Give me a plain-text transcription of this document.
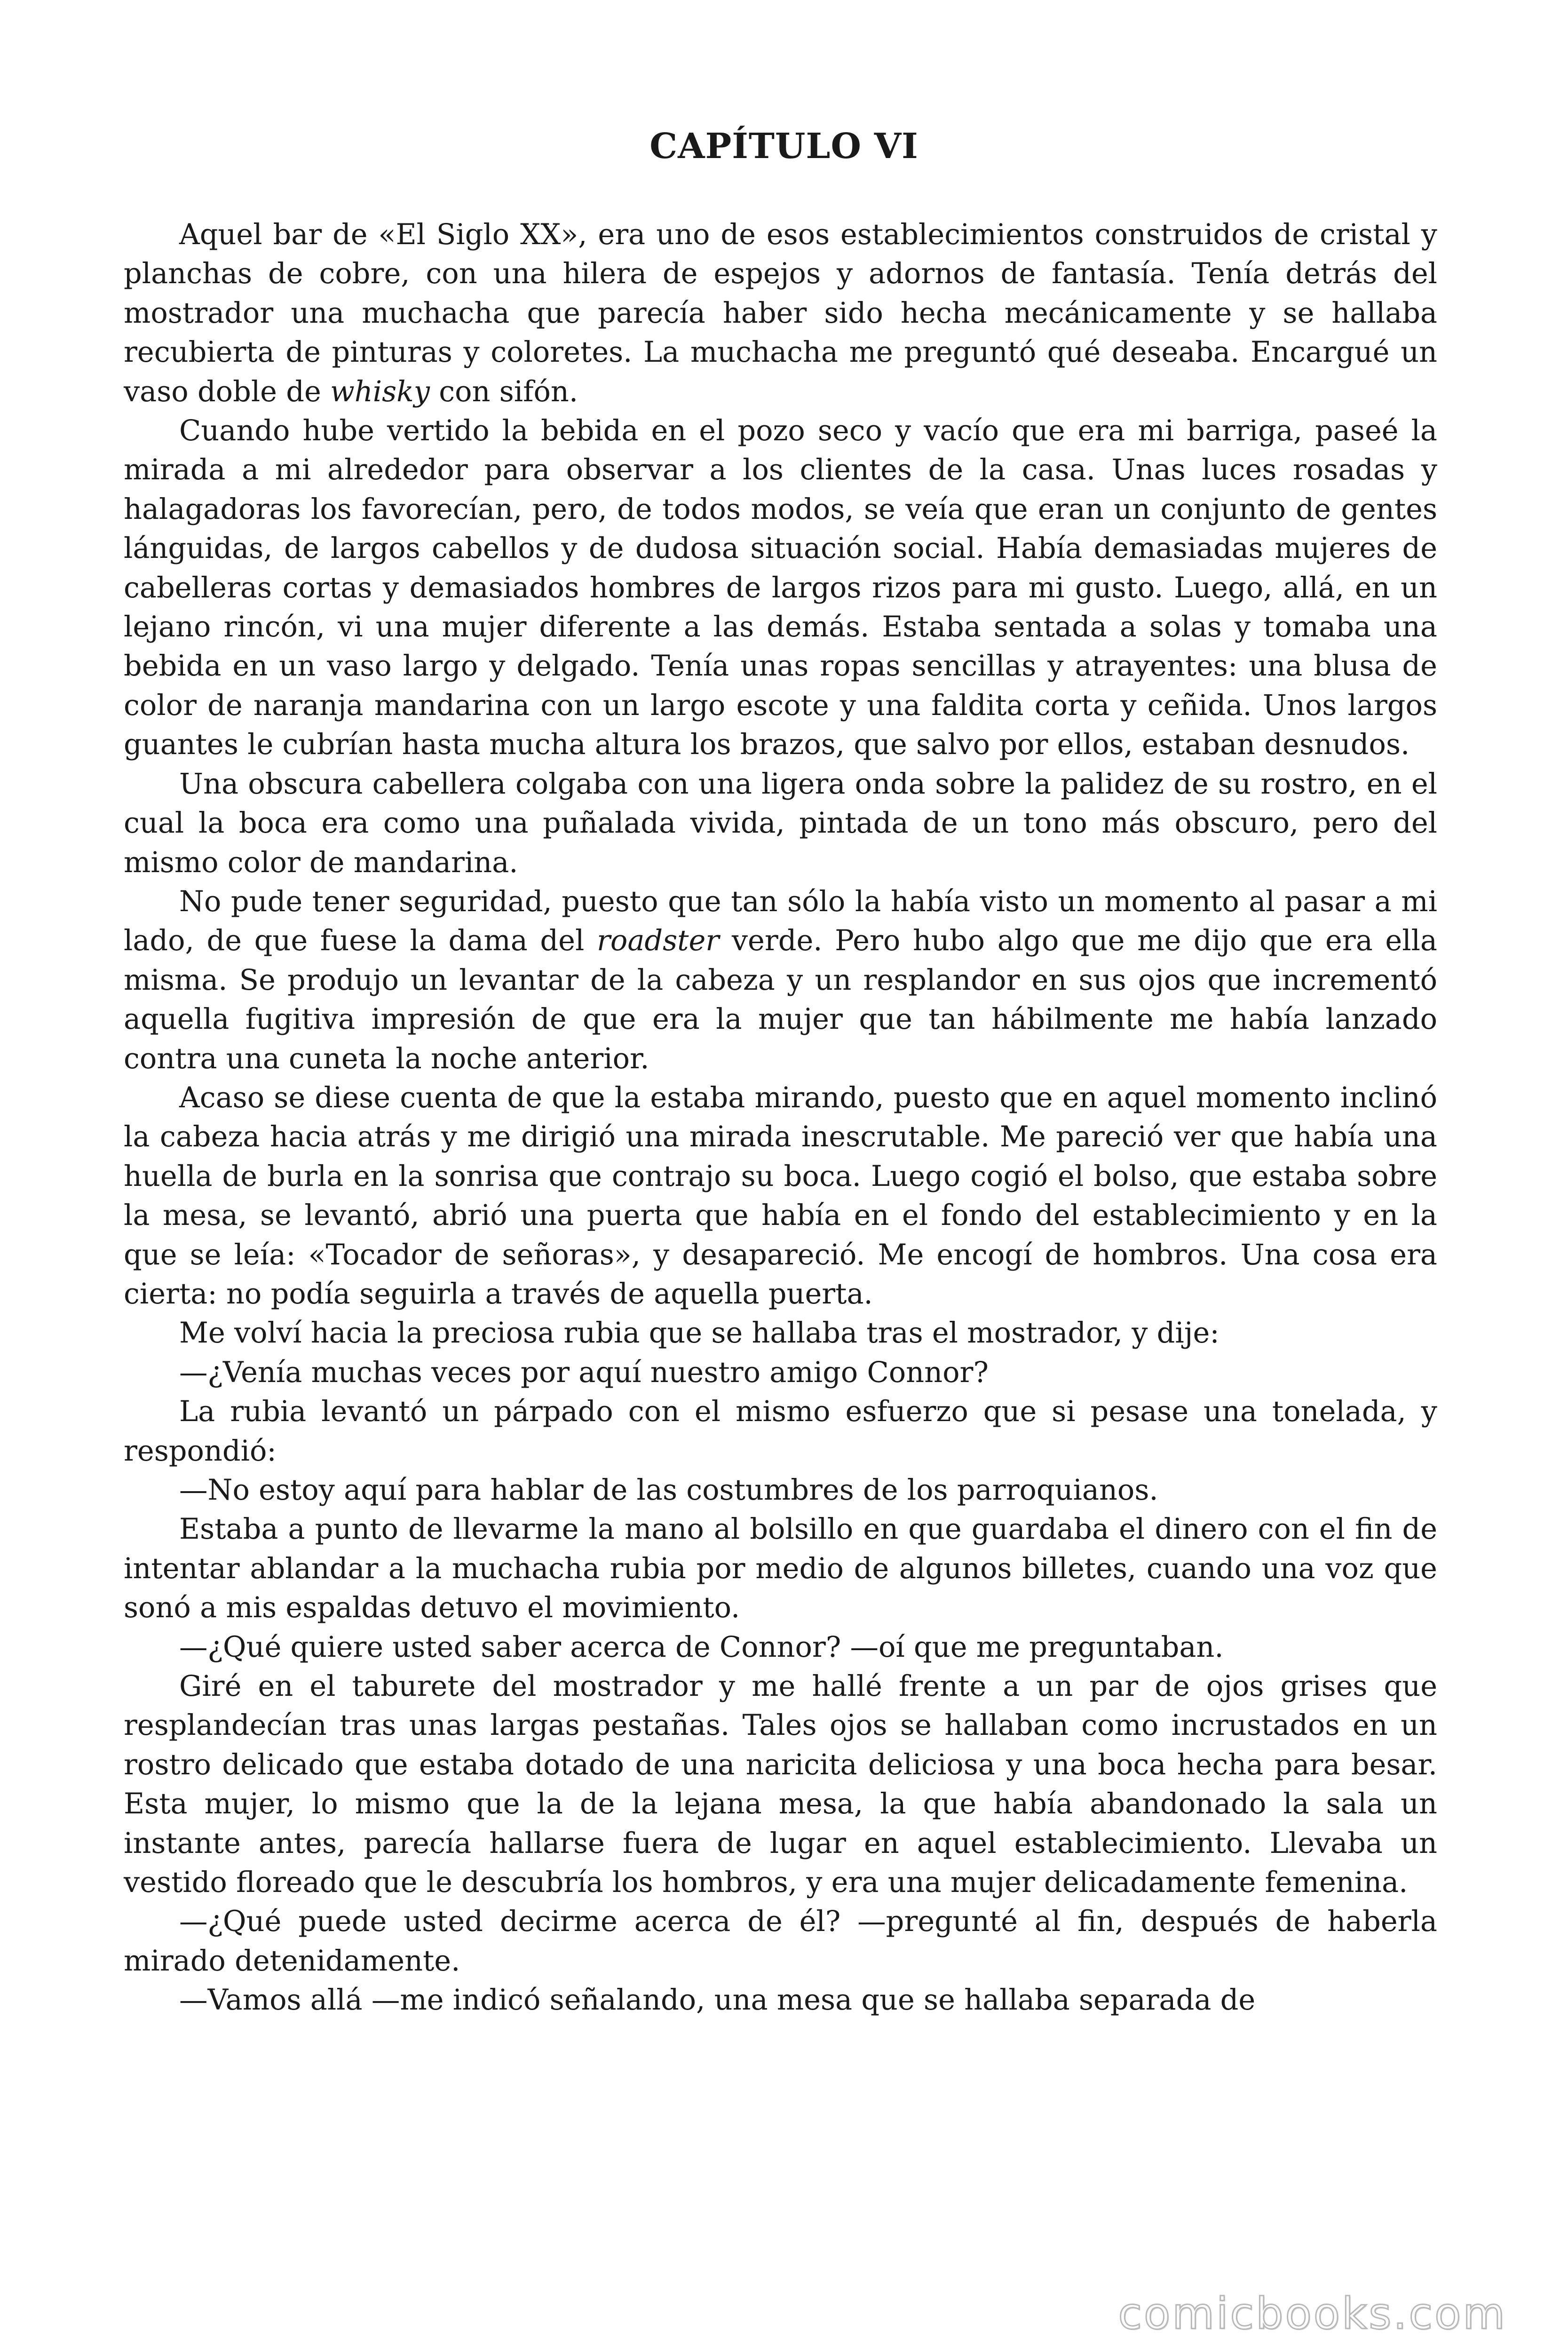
CAPÍTULO VI

Aquel bar de «El Siglo XX», era uno de esos establecimientos construidos de cristal y planchas de cobre, con una hilera de espejos y adornos de fantasía. Tenía detrás del mostrador una muchacha que parecía haber sido hecha mecánicamente y se hallaba recubierta de pinturas y coloretes. La muchacha me preguntó qué deseaba. Encargué un vaso doble de whisky con sifón.

Cuando hube vertido la bebida en el pozo seco y vacío que era mi barriga, paseé la mirada a mi alrededor para observar a los clientes de la casa. Unas luces rosadas y halagadoras los favorecían, pero, de todos modos, se veía que eran un conjunto de gentes lánguidas, de largos cabellos y de dudosa situación social. Había demasiadas mujeres de cabelleras cortas y demasiados hombres de largos rizos para mi gusto. Luego, allá, en un lejano rincón, vi una mujer diferente a las demás. Estaba sentada a solas y tomaba una bebida en un vaso largo y delgado. Tenía unas ropas sencillas y atrayentes: una blusa de color de naranja mandarina con un largo escote y una faldita corta y ceñida. Unos largos guantes le cubrían hasta mucha altura los brazos, que salvo por ellos, estaban desnudos.

Una obscura cabellera colgaba con una ligera onda sobre la palidez de su rostro, en el cual la boca era como una puñalada vivida, pintada de un tono más obscuro, pero del mismo color de mandarina.

No pude tener seguridad, puesto que tan sólo la había visto un momento al pasar a mi lado, de que fuese la dama del roadster verde. Pero hubo algo que me dijo que era ella misma. Se produjo un levantar de la cabeza y un resplandor en sus ojos que incrementó aquella fugitiva impresión de que era la mujer que tan hábilmente me había lanzado contra una cuneta la noche anterior.

Acaso se diese cuenta de que la estaba mirando, puesto que en aquel momento inclinó la cabeza hacia atrás y me dirigió una mirada inescrutable. Me pareció ver que había una huella de burla en la sonrisa que contrajo su boca. Luego cogió el bolso, que estaba sobre la mesa, se levantó, abrió una puerta que había en el fondo del establecimiento y en la que se leía: «Tocador de señoras», y desapareció. Me encogí de hombros. Una cosa era cierta: no podía seguirla a través de aquella puerta.

Me volví hacia la preciosa rubia que se hallaba tras el mostrador, y dije:

—¿Venía muchas veces por aquí nuestro amigo Connor?

La rubia levantó un párpado con el mismo esfuerzo que si pesase una tonelada, y respondió:

—No estoy aquí para hablar de las costumbres de los parroquianos.

Estaba a punto de llevarme la mano al bolsillo en que guardaba el dinero con el fin de intentar ablandar a la muchacha rubia por medio de algunos billetes, cuando una voz que sonó a mis espaldas detuvo el movimiento.

—¿Qué quiere usted saber acerca de Connor? —oí que me preguntaban.

Giré en el taburete del mostrador y me hallé frente a un par de ojos grises que resplandecían tras unas largas pestañas. Tales ojos se hallaban como incrustados en un rostro delicado que estaba dotado de una naricita deliciosa y una boca hecha para besar. Esta mujer, lo mismo que la de la lejana mesa, la que había abandonado la sala un instante antes, parecía hallarse fuera de lugar en aquel establecimiento. Llevaba un vestido floreado que le descubría los hombros, y era una mujer delicadamente femenina.

—¿Qué puede usted decirme acerca de él? —pregunté al fin, después de haberla mirado detenidamente.

—Vamos allá —me indicó señalando, una mesa que se hallaba separada de

comicbooks.com
